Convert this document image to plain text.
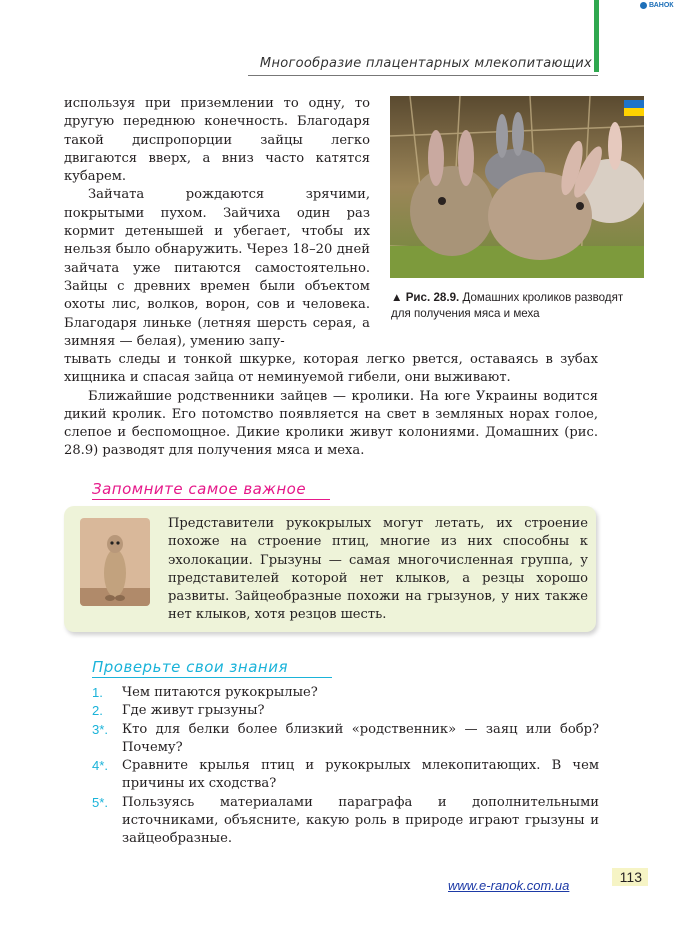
ВАНОК
Многообразие плацентарных млекопитающих

используя при приземлении то одну, то другую переднюю конечность. Благодаря такой диспропорции зайцы легко двигаются вверх, а вниз часто катятся кубарем.

Зайчата рождаются зрячими, покрытыми пухом. Зайчиха один раз кормит детенышей и убегает, чтобы их нельзя было обнаружить. Через 18–20 дней зайчата уже питаются самостоятельно. Зайцы с древних времен были объектом охоты лис, волков, ворон, сов и человека. Благодаря линьке (летняя шерсть серая, а зимняя — белая), умению запу-

▲ Рис. 28.9. Домашних кроликов разводят для получения мяса и меха

тывать следы и тонкой шкурке, которая легко рвется, оставаясь в зубах хищника и спасая зайца от неминуемой гибели, они выживают.

Ближайшие родственники зайцев — кролики. На юге Украины водится дикий кролик. Его потомство появляется на свет в земляных норах голое, слепое и беспомощное. Дикие кролики живут колониями. Домашних (рис. 28.9) разводят для получения мяса и меха.

Запомните самое важное
Представители рукокрылых могут летать, их строение похоже на строение птиц, многие из них способны к эхолокации. Грызуны — самая многочисленная группа, у представителей которой нет клыков, а резцы хорошо развиты. Зайцеобразные похожи на грызунов, у них также нет клыков, хотя резцов шесть.
Проверьте свои знания
1. Чем питаются рукокрылые?
2. Где живут грызуны?
3*. Кто для белки более близкий «родственник» — заяц или бобр? Почему?
4*. Сравните крылья птиц и рукокрылых млекопитающих. В чем причины их сходства?
5*. Пользуясь материалами параграфа и дополнительными источниками, объясните, какую роль в природе играют грызуны и зайцеобразные.
www.e-ranok.com.ua
113
